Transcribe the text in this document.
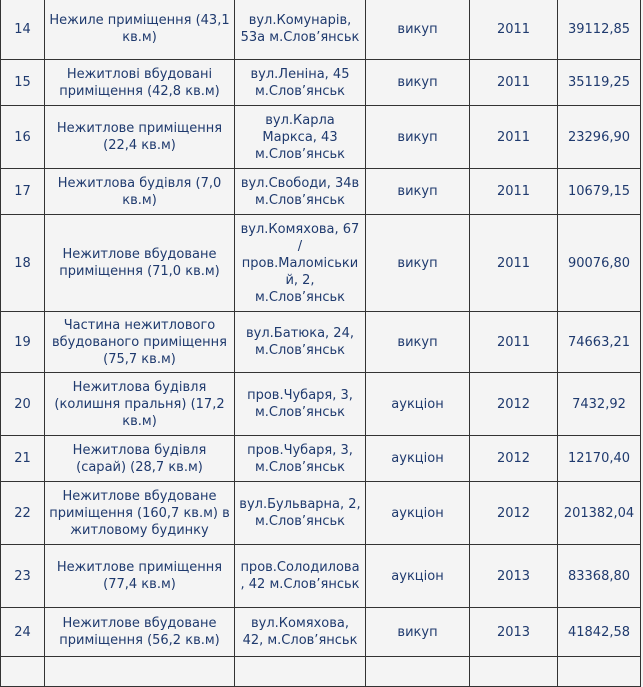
14	Нежиле приміщення (43,1 кв.м)	вул.Комунарів, 53а м.Слов’янськ	викуп	2011	39112,85
15	Нежитлові вбудовані приміщення (42,8 кв.м)	вул.Леніна, 45 м.Слов’янськ	викуп	2011	35119,25
16	Нежитлове приміщення (22,4 кв.м)	вул.Карла Маркса, 43 м.Слов’янськ	викуп	2011	23296,90
17	Нежитлова будівля (7,0 кв.м)	вул.Свободи, 34в м.Слов’янськ	викуп	2011	10679,15
18	Нежитлове вбудоване приміщення (71,0 кв.м)	вул.Комяхова, 67 / пров.Маломіський, 2, м.Слов’янськ	викуп	2011	90076,80
19	Частина нежитлового вбудованого приміщення (75,7 кв.м)	вул.Батюка, 24, м.Слов’янськ	викуп	2011	74663,21
20	Нежитлова будівля (колишня пральня) (17,2 кв.м)	пров.Чубаря, 3, м.Слов’янськ	аукціон	2012	7432,92
21	Нежитлова будівля (сарай) (28,7 кв.м)	пров.Чубаря, 3, м.Слов’янськ	аукціон	2012	12170,40
22	Нежитлове вбудоване приміщення (160,7 кв.м) в житловому будинку	вул.Бульварна, 2, м.Слов’янськ	аукціон	2012	201382,04
23	Нежитлове приміщення (77,4 кв.м)	пров.Солодилова, 42 м.Слов’янськ	аукціон	2013	83368,80
24	Нежитлове вбудоване приміщення (56,2 кв.м)	вул.Комяхова, 42, м.Слов’янськ	викуп	2013	41842,58
